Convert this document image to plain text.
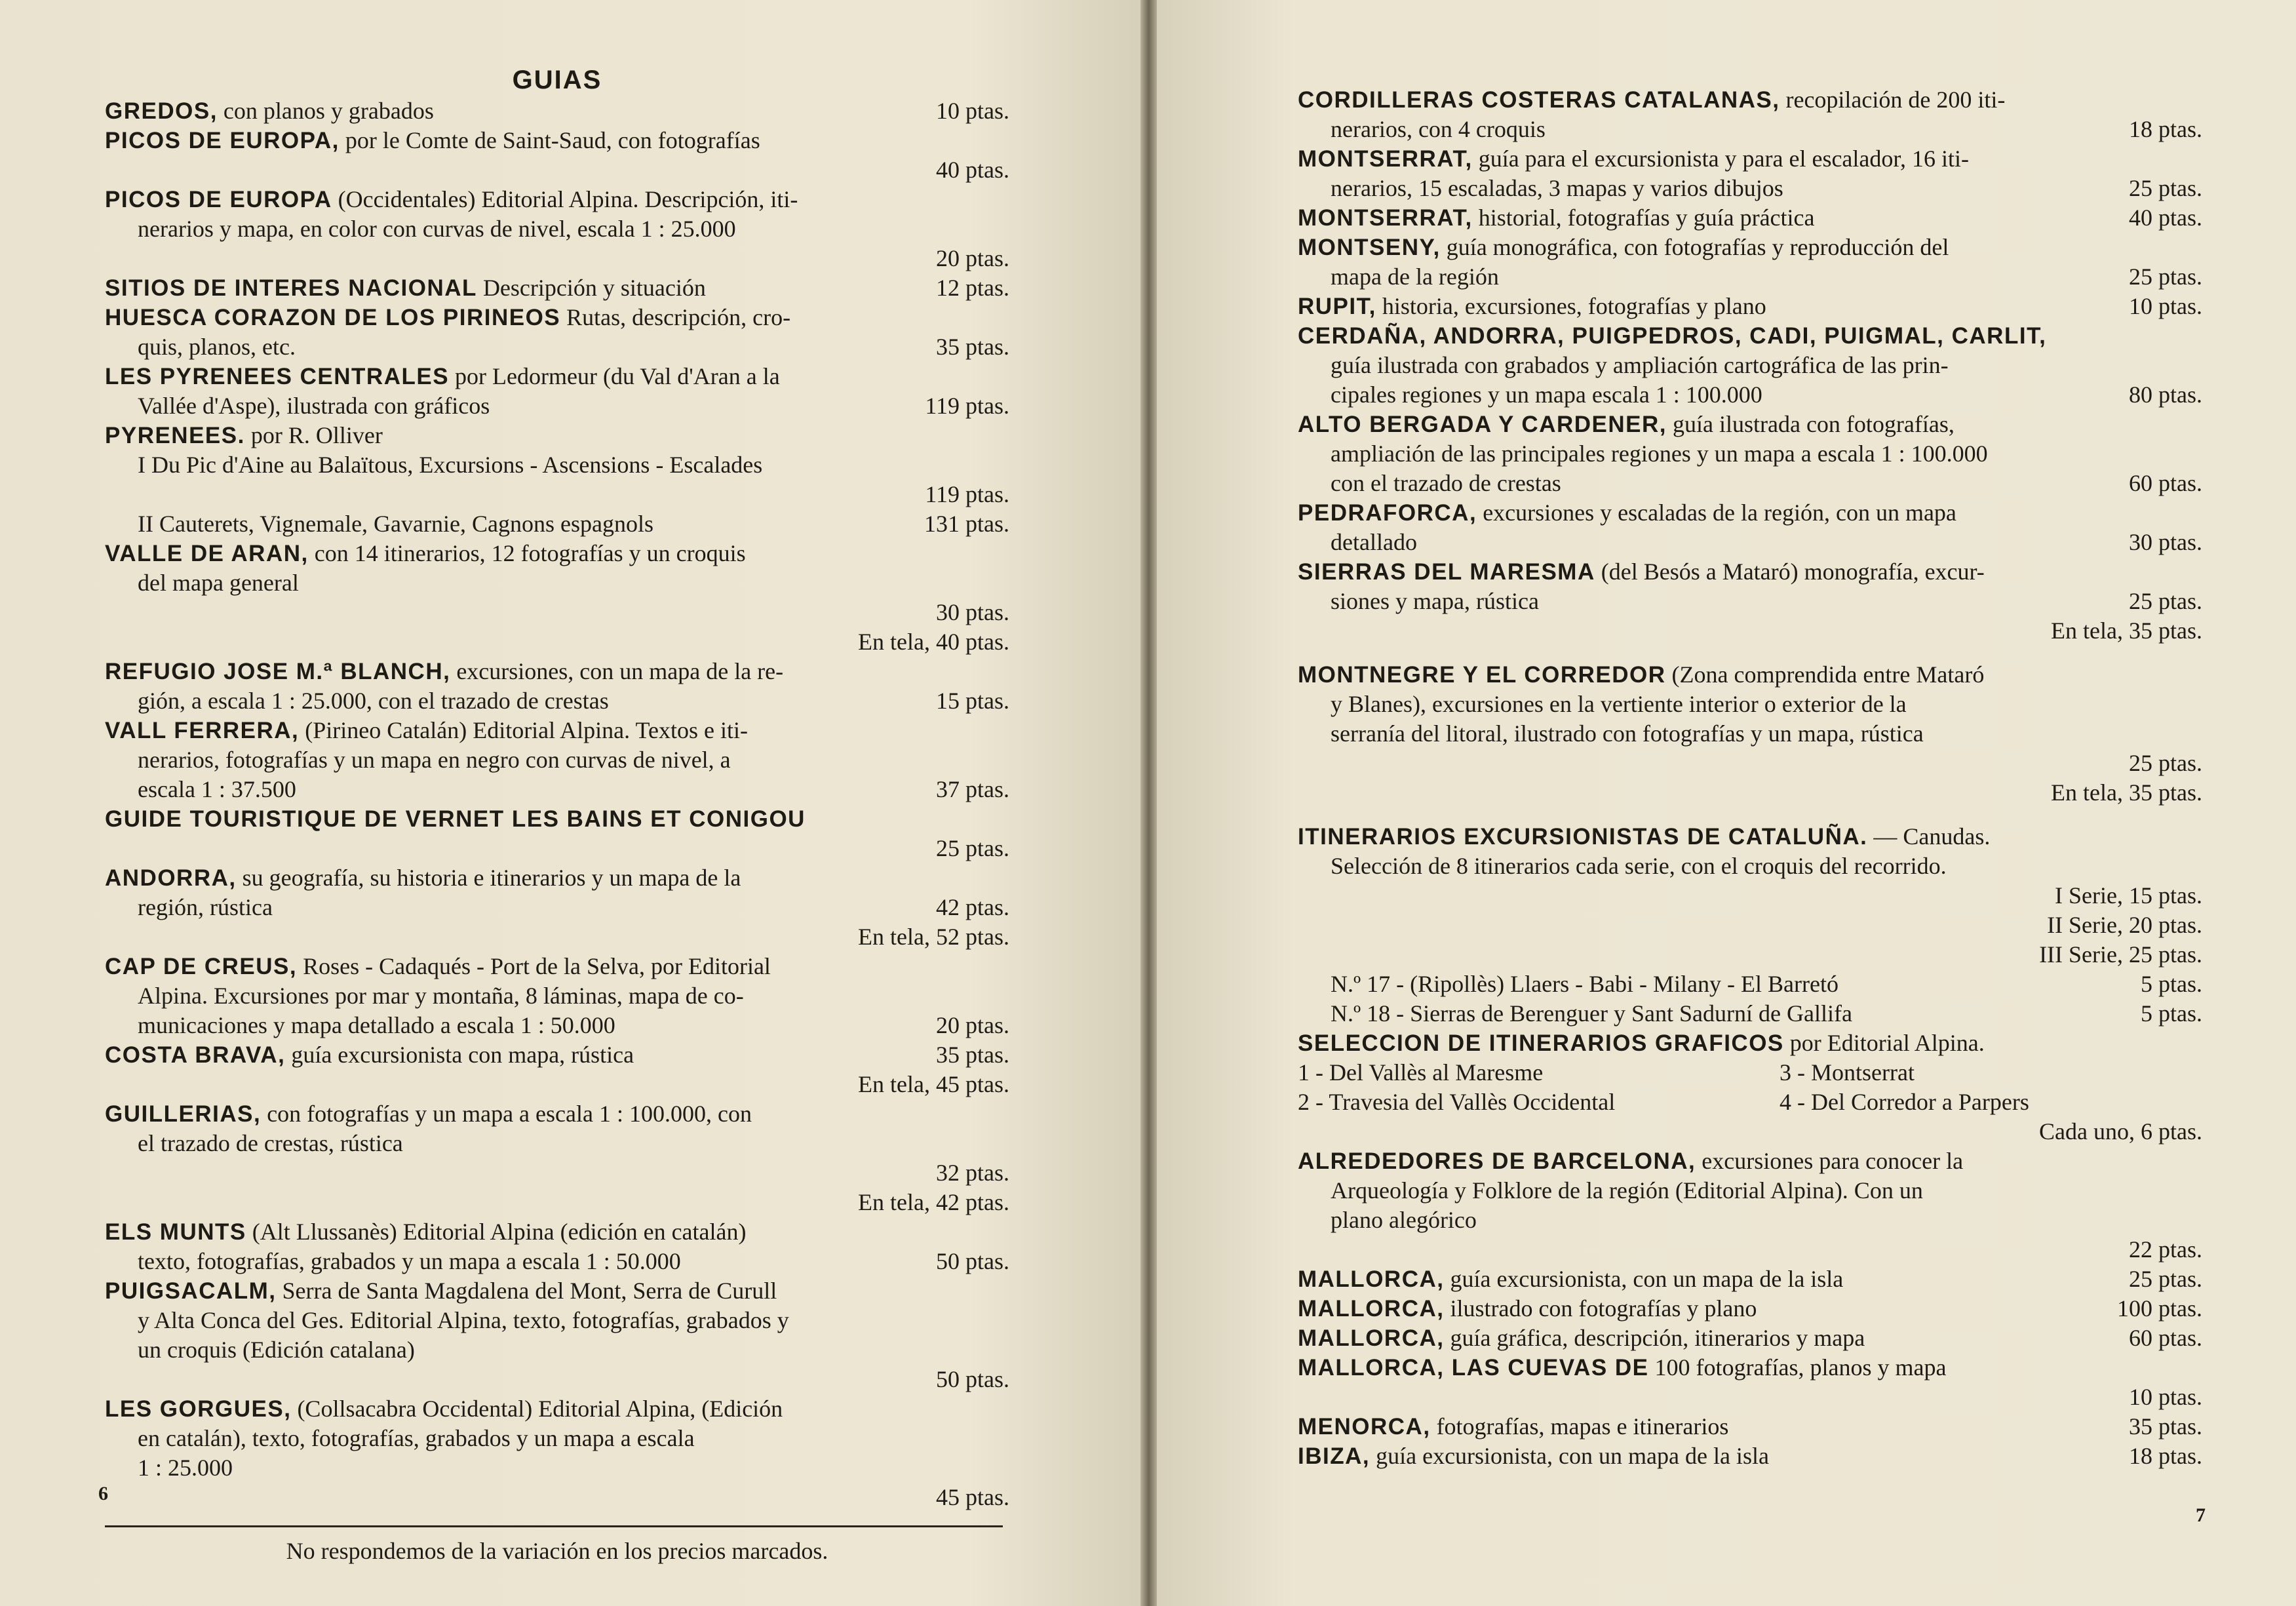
GUIAS
GREDOS, con planos y grabados	10 ptas.
PICOS DE EUROPA, por le Comte de Saint-Saud, con fotografías
40 ptas.
PICOS DE EUROPA (Occidentales) Editorial Alpina. Descripción, iti-
nerarios y mapa, en color con curvas de nivel, escala 1 : 25.000
20 ptas.
SITIOS DE INTERES NACIONAL Descripción y situación	12 ptas.
HUESCA CORAZON DE LOS PIRINEOS Rutas, descripción, cro-
quis, planos, etc.	35 ptas.
LES PYRENEES CENTRALES por Ledormeur (du Val d'Aran a la
Vallée d'Aspe), ilustrada con gráficos	119 ptas.
PYRENEES. por R. Olliver
I Du Pic d'Aine au Balaïtous, Excursions - Ascensions - Escalades
119 ptas.
II Cauterets, Vignemale, Gavarnie, Cagnons espagnols	131 ptas.
VALLE DE ARAN, con 14 itinerarios, 12 fotografías y un croquis
del mapa general
30 ptas.
En tela, 40 ptas.
REFUGIO JOSE M.ª BLANCH, excursiones, con un mapa de la re-
gión, a escala 1 : 25.000, con el trazado de crestas	15 ptas.
VALL FERRERA, (Pirineo Catalán) Editorial Alpina. Textos e iti-
nerarios, fotografías y un mapa en negro con curvas de nivel, a
escala 1 : 37.500	37 ptas.
GUIDE TOURISTIQUE DE VERNET LES BAINS ET CONIGOU
25 ptas.
ANDORRA, su geografía, su historia e itinerarios y un mapa de la
región, rústica	42 ptas.
En tela, 52 ptas.
CAP DE CREUS, Roses - Cadaqués - Port de la Selva, por Editorial
Alpina. Excursiones por mar y montaña, 8 láminas, mapa de co-
municaciones y mapa detallado a escala 1 : 50.000	20 ptas.
COSTA BRAVA, guía excursionista con mapa, rústica	35 ptas.
En tela, 45 ptas.
GUILLERIAS, con fotografías y un mapa a escala 1 : 100.000, con
el trazado de crestas, rústica
32 ptas.
En tela, 42 ptas.
ELS MUNTS (Alt Llussanès) Editorial Alpina (edición en catalán)
texto, fotografías, grabados y un mapa a escala 1 : 50.000	50 ptas.
PUIGSACALM, Serra de Santa Magdalena del Mont, Serra de Curull
y Alta Conca del Ges. Editorial Alpina, texto, fotografías, grabados y
un croquis (Edición catalana)
50 ptas.
LES GORGUES, (Collsacabra Occidental) Editorial Alpina, (Edición
en catalán), texto, fotografías, grabados y un mapa a escala
1 : 25.000
45 ptas.
No respondemos de la variación en los precios marcados.
6
CORDILLERAS COSTERAS CATALANAS, recopilación de 200 iti-
nerarios, con 4 croquis	18 ptas.
MONTSERRAT, guía para el excursionista y para el escalador, 16 iti-
nerarios, 15 escaladas, 3 mapas y varios dibujos	25 ptas.
MONTSERRAT, historial, fotografías y guía práctica	40 ptas.
MONTSENY, guía monográfica, con fotografías y reproducción del
mapa de la región	25 ptas.
RUPIT, historia, excursiones, fotografías y plano	10 ptas.
CERDAÑA, ANDORRA, PUIGPEDROS, CADI, PUIGMAL, CARLIT,
guía ilustrada con grabados y ampliación cartográfica de las prin-
cipales regiones y un mapa escala 1 : 100.000	80 ptas.
ALTO BERGADA Y CARDENER, guía ilustrada con fotografías,
ampliación de las principales regiones y un mapa a escala 1 : 100.000
con el trazado de crestas	60 ptas.
PEDRAFORCA, excursiones y escaladas de la región, con un mapa
detallado	30 ptas.
SIERRAS DEL MARESMA (del Besós a Mataró) monografía, excur-
siones y mapa, rústica	25 ptas.
En tela, 35 ptas.
MONTNEGRE Y EL CORREDOR (Zona comprendida entre Mataró
y Blanes), excursiones en la vertiente interior o exterior de la
serranía del litoral, ilustrado con fotografías y un mapa, rústica
25 ptas.
En tela, 35 ptas.
ITINERARIOS EXCURSIONISTAS DE CATALUÑA. — Canudas.
Selección de 8 itinerarios cada serie, con el croquis del recorrido.
I Serie, 15 ptas.
II Serie, 20 ptas.
III Serie, 25 ptas.
N.º 17 - (Ripollès) Llaers - Babi - Milany - El Barretó	5 ptas.
N.º 18 - Sierras de Berenguer y Sant Sadurní de Gallifa	5 ptas.
SELECCION DE ITINERARIOS GRAFICOS por Editorial Alpina.
1 - Del Vallès al Maresme	3 - Montserrat
2 - Travesia del Vallès Occidental	4 - Del Corredor a Parpers
Cada uno, 6 ptas.
ALREDEDORES DE BARCELONA, excursiones para conocer la
Arqueología y Folklore de la región (Editorial Alpina). Con un
plano alegórico
22 ptas.
MALLORCA, guía excursionista, con un mapa de la isla	25 ptas.
MALLORCA, ilustrado con fotografías y plano	100 ptas.
MALLORCA, guía gráfica, descripción, itinerarios y mapa	60 ptas.
MALLORCA, LAS CUEVAS DE 100 fotografías, planos y mapa
10 ptas.
MENORCA, fotografías, mapas e itinerarios	35 ptas.
IBIZA, guía excursionista, con un mapa de la isla	18 ptas.
7
